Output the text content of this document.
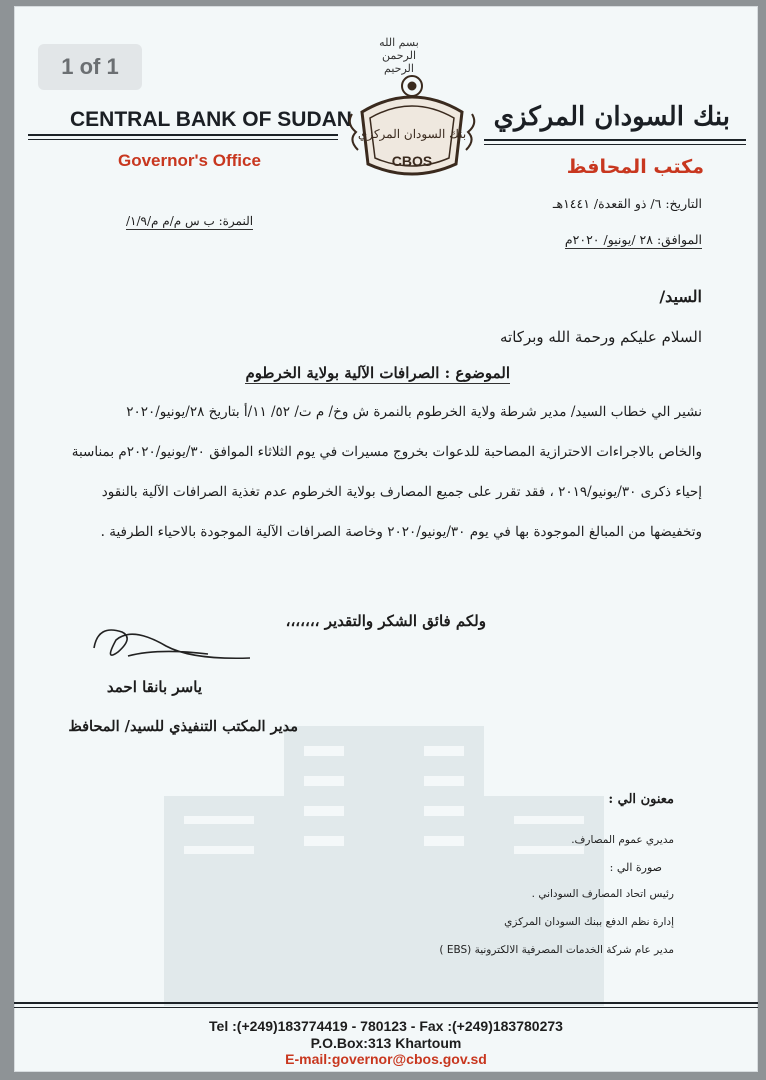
بسم الله الرحمن الرحيم
CENTRAL BANK OF SUDAN	بنك السودان المركزي
Governor's Office	مكتب المحافظ
بنك السودان المركزي
CBOS
النمرة: ب س م/م م/١/٩/
التاريخ: ٦/ ذو القعدة/ ١٤٤١هـ
الموافق: ٢٨ /يونيو/ ٢٠٢٠م
السيد/
السلام عليكم ورحمة الله وبركاته
الموضوع : الصرافات الآلية بولاية الخرطوم
نشير الي خطاب السيد/ مدير شرطة ولاية الخرطوم بالنمرة ش وخ/ م ت/ ٥٢/ ١١/أ بتاريخ ٢٨/يونيو/٢٠٢٠
والخاص بالاجراءات الاحترازية المصاحبة للدعوات بخروج مسيرات في يوم الثلاثاء الموافق ٣٠/يونيو/٢٠٢٠م بمناسبة
إحياء ذكرى ٣٠/يونيو/٢٠١٩ ، فقد تقرر على جميع المصارف بولاية الخرطوم عدم تغذية الصرافات الآلية بالنقود
وتخفيضها من المبالغ الموجودة بها في يوم ٣٠/يونيو/٢٠٢٠ وخاصة الصرافات الآلية الموجودة بالاحياء الطرفية .
ولكم فائق الشكر والتقدير ،،،،،،،
ياسر بانقا احمد
مدير المكتب التنفيذي للسيد/ المحافظ
معنون الي :
مديري عموم المصارف.
صورة الي :
رئيس اتحاد المصارف السوداني .
إدارة نظم الدفع ببنك السودان المركزي
مدير عام شركة الخدمات المصرفية الالكترونية (EBS )
Tel :(+249)183774419 - 780123 - Fax :(+249)183780273
P.O.Box:313 Khartoum
E-mail:governor@cbos.gov.sd
1 of 1
